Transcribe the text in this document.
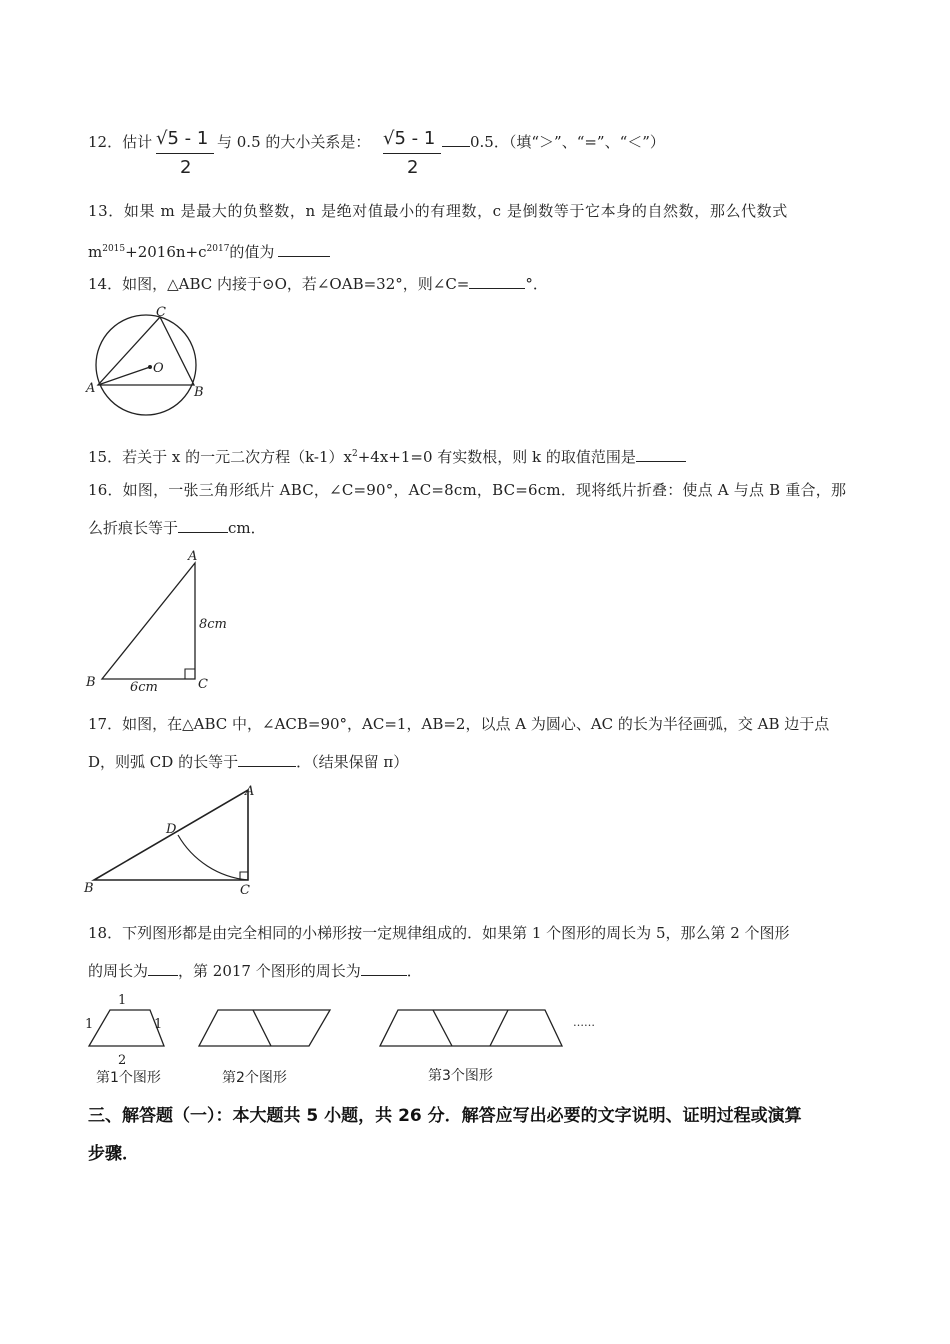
12．估计 √5 - 1
2
与 0.5 的大小关系是： √5 - 1
2
0.5．（填“＞”、“=”、“＜”）
13．如果 m 是最大的负整数，n 是绝对值最小的有理数，c 是倒数等于它本身的自然数，那么代数式
$m^{2015}+2016n+c^{2017}$的值为
14．如图，△ABC 内接于⊙O，若∠OAB=32°，则∠C=	°．
C
O
A	B
15．若关于 x 的一元二次方程$(k-1)x^2+4x+1=0$ 有实数根，则 k 的取值范围是
16．如图，一张三角形纸片 ABC，∠C=90°，AC=8cm，BC=6cm．现将纸片折叠：使点 A 与点 B 重合，那
么折痕长等于	cm．
A
B	C
8cm
6cm
17．如图，在△ABC 中，∠ACB=90°，AC=1，AB=2，以点 A 为圆心、AC 的长为半径画弧，交 AB 边于点
D，则弧 CD 的长等于	．（结果保留 π）
A
B	C
D
18．下列图形都是由完全相同的小梯形按一定规律组成的．如果第 1 个图形的周长为 5，那么第 2 个图形
的周长为 ，第 2017 个图形的周长为	．
1
1	1
2
第1个图形	第2个图形	第3个图形
……
三、解答题（一）：本大题共 5 小题，共 26 分．解答应写出必要的文字说明、证明过程或演算
步骤．
